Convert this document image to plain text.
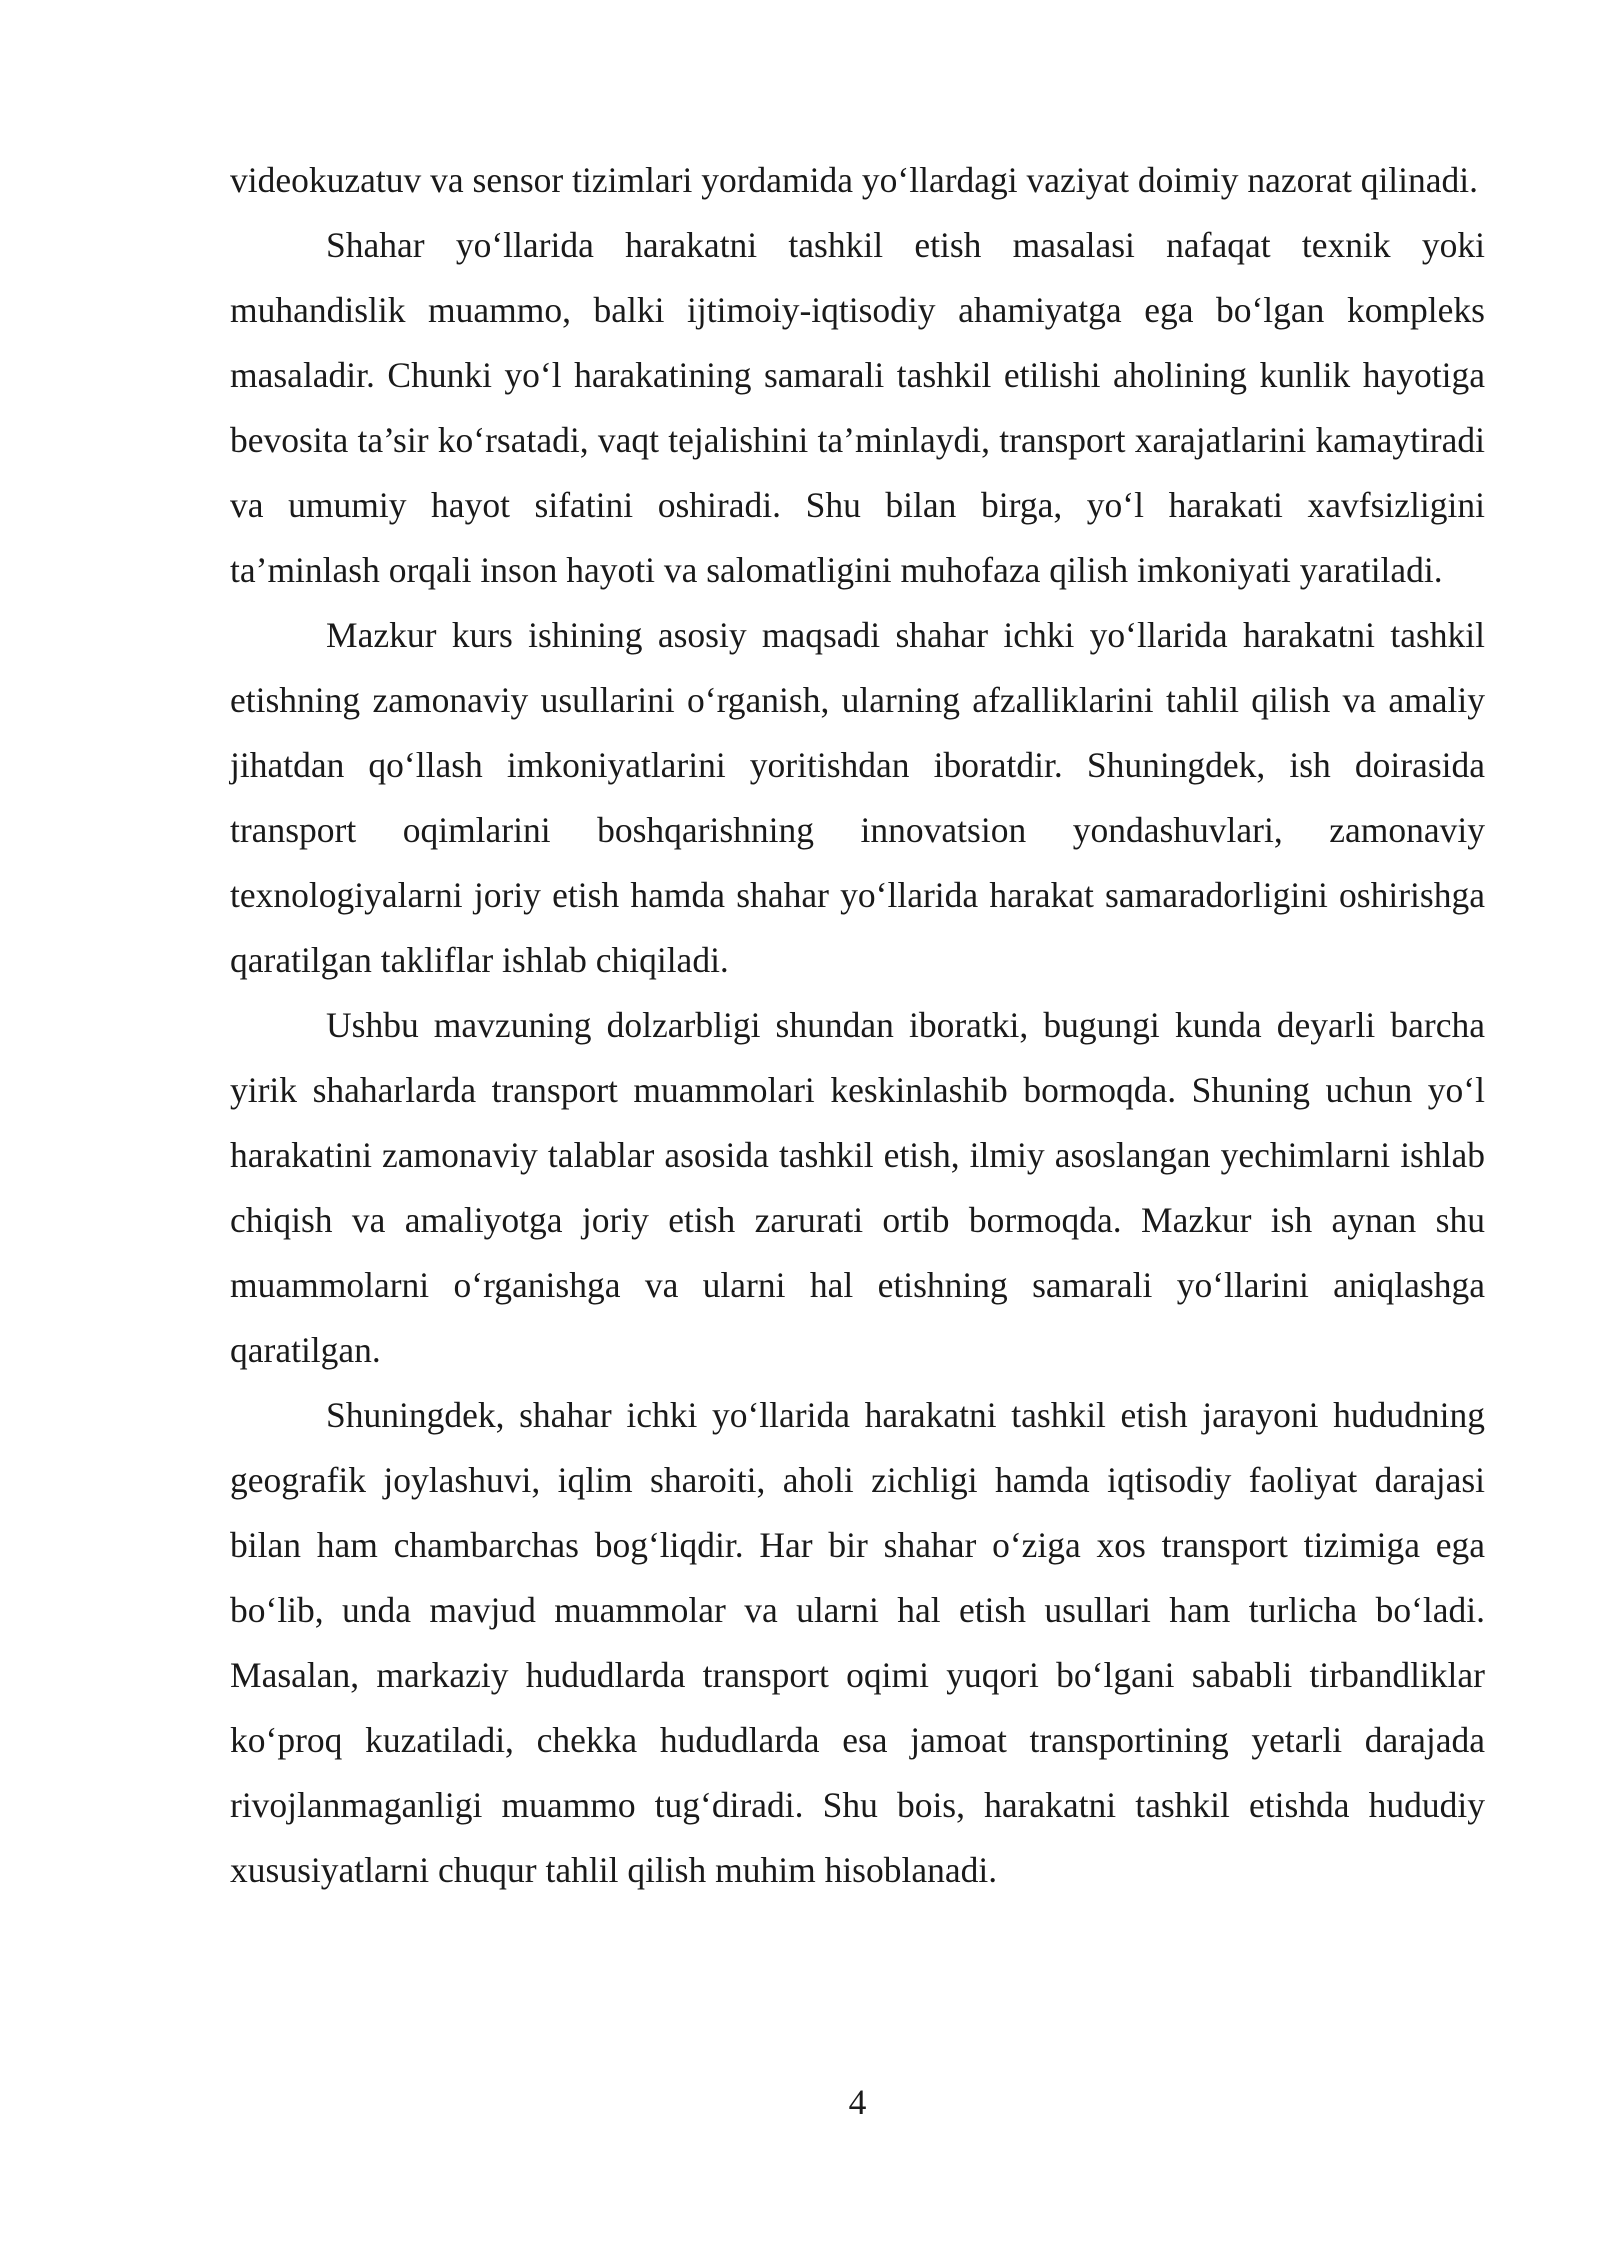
videokuzatuv va sensor tizimlari yordamida yo‘llardagi vaziyat doimiy nazorat qilinadi.

Shahar yo‘llarida harakatni tashkil etish masalasi nafaqat texnik yoki muhandislik muammo, balki ijtimoiy-iqtisodiy ahamiyatga ega bo‘lgan kompleks masaladir. Chunki yo‘l harakatining samarali tashkil etilishi aholining kunlik hayotiga bevosita ta’sir ko‘rsatadi, vaqt tejalishini ta’minlaydi, transport xarajatlarini kamaytiradi va umumiy hayot sifatini oshiradi. Shu bilan birga, yo‘l harakati xavfsizligini ta’minlash orqali inson hayoti va salomatligini muhofaza qilish imkoniyati yaratiladi.

Mazkur kurs ishining asosiy maqsadi shahar ichki yo‘llarida harakatni tashkil etishning zamonaviy usullarini o‘rganish, ularning afzalliklarini tahlil qilish va amaliy jihatdan qo‘llash imkoniyatlarini yoritishdan iboratdir. Shuningdek, ish doirasida transport oqimlarini boshqarishning innovatsion yondashuvlari, zamonaviy texnologiyalarni joriy etish hamda shahar yo‘llarida harakat samaradorligini oshirishga qaratilgan takliflar ishlab chiqiladi.

Ushbu mavzuning dolzarbligi shundan iboratki, bugungi kunda deyarli barcha yirik shaharlarda transport muammolari keskinlashib bormoqda. Shuning uchun yo‘l harakatini zamonaviy talablar asosida tashkil etish, ilmiy asoslangan yechimlarni ishlab chiqish va amaliyotga joriy etish zarurati ortib bormoqda. Mazkur ish aynan shu muammolarni o‘rganishga va ularni hal etishning samarali yo‘llarini aniqlashga qaratilgan.

Shuningdek, shahar ichki yo‘llarida harakatni tashkil etish jarayoni hududning geografik joylashuvi, iqlim sharoiti, aholi zichligi hamda iqtisodiy faoliyat darajasi bilan ham chambarchas bog‘liqdir. Har bir shahar o‘ziga xos transport tizimiga ega bo‘lib, unda mavjud muammolar va ularni hal etish usullari ham turlicha bo‘ladi. Masalan, markaziy hududlarda transport oqimi yuqori bo‘lgani sababli tirbandliklar ko‘proq kuzatiladi, chekka hududlarda esa jamoat transportining yetarli darajada rivojlanmaganligi muammo tug‘diradi. Shu bois, harakatni tashkil etishda hududiy xususiyatlarni chuqur tahlil qilish muhim hisoblanadi.

4
